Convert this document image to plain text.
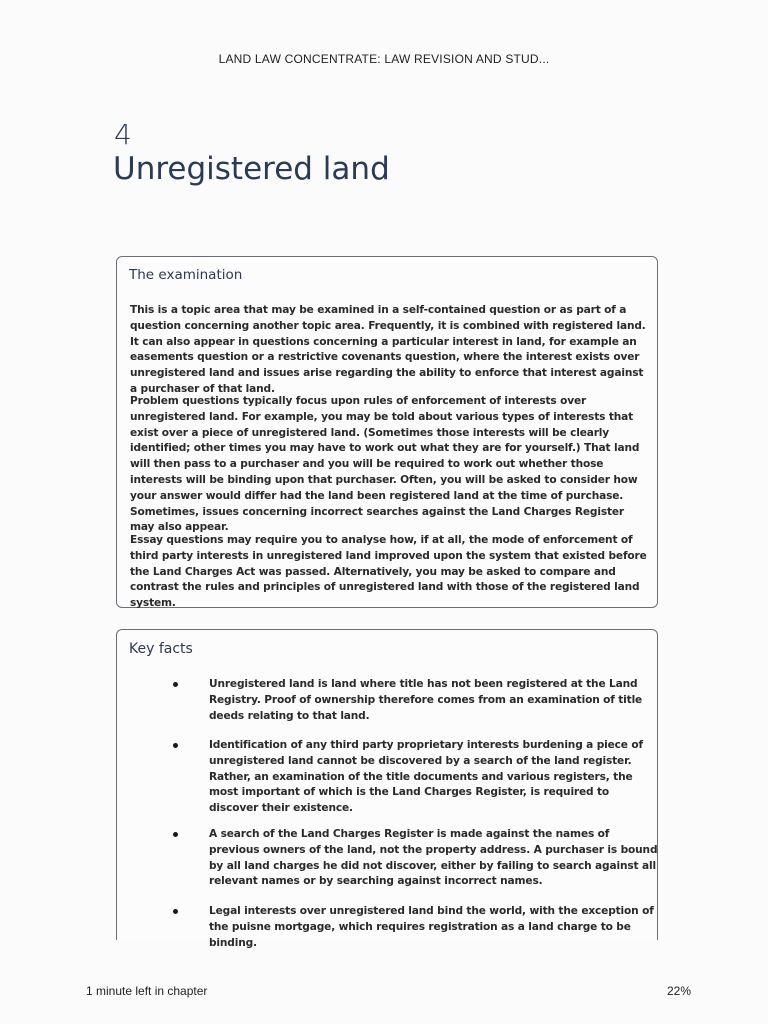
LAND LAW CONCENTRATE: LAW REVISION AND STUD...
4
Unregistered land
The examination
This is a topic area that may be examined in a self-contained question or as part of a question concerning another topic area. Frequently, it is combined with registered land. It can also appear in questions concerning a particular interest in land, for example an easements question or a restrictive covenants question, where the interest exists over unregistered land and issues arise regarding the ability to enforce that interest against a purchaser of that land.
Problem questions typically focus upon rules of enforcement of interests over unregistered land. For example, you may be told about various types of interests that exist over a piece of unregistered land. (Sometimes those interests will be clearly identified; other times you may have to work out what they are for yourself.) That land will then pass to a purchaser and you will be required to work out whether those interests will be binding upon that purchaser. Often, you will be asked to consider how your answer would differ had the land been registered land at the time of purchase. Sometimes, issues concerning incorrect searches against the Land Charges Register may also appear.
Essay questions may require you to analyse how, if at all, the mode of enforcement of third party interests in unregistered land improved upon the system that existed before the Land Charges Act was passed. Alternatively, you may be asked to compare and contrast the rules and principles of unregistered land with those of the registered land system.
Key facts
Unregistered land is land where title has not been registered at the Land Registry. Proof of ownership therefore comes from an examination of title deeds relating to that land.
Identification of any third party proprietary interests burdening a piece of unregistered land cannot be discovered by a search of the land register. Rather, an examination of the title documents and various registers, the most important of which is the Land Charges Register, is required to discover their existence.
A search of the Land Charges Register is made against the names of previous owners of the land, not the property address. A purchaser is bound by all land charges he did not discover, either by failing to search against all relevant names or by searching against incorrect names.
Legal interests over unregistered land bind the world, with the exception of the puisne mortgage, which requires registration as a land charge to be binding.
1 minute left in chapter	22%
